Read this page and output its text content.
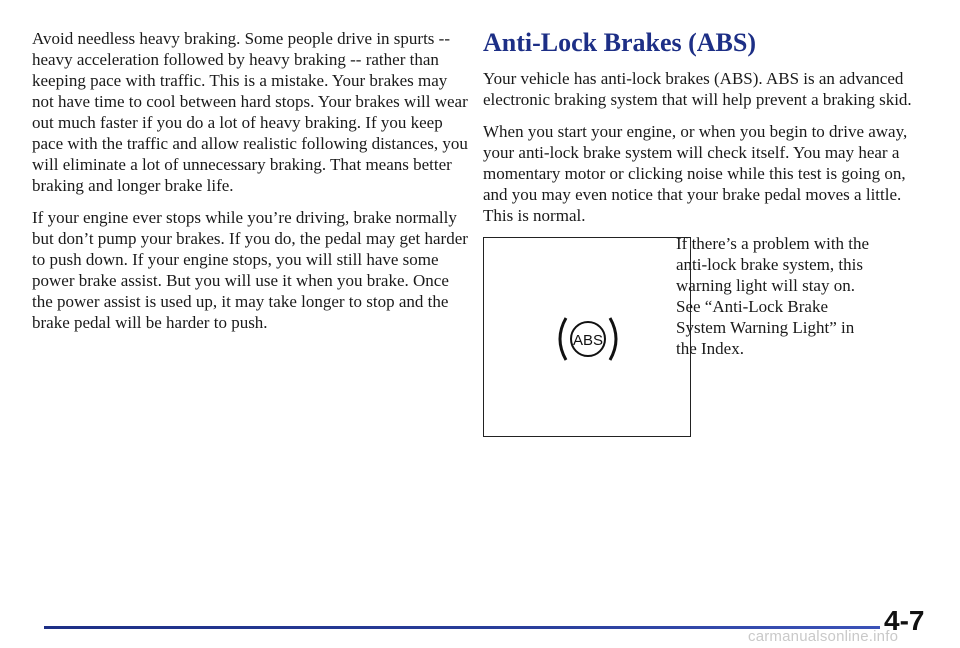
Avoid needless heavy braking. Some people drive in spurts -- heavy acceleration followed by heavy braking -- rather than keeping pace with traffic. This is a mistake. Your brakes may not have time to cool between hard stops. Your brakes will wear out much faster if you do a lot of heavy braking. If you keep pace with the traffic and allow realistic following distances, you will eliminate a lot of unnecessary braking. That means better braking and longer brake life.

If your engine ever stops while you’re driving, brake normally but don’t pump your brakes. If you do, the pedal may get harder to push down. If your engine stops, you will still have some power brake assist. But you will use it when you brake. Once the power assist is used up, it may take longer to stop and the brake pedal will be harder to push.

Anti-Lock Brakes (ABS)

Your vehicle has anti-lock brakes (ABS). ABS is an advanced electronic braking system that will help prevent a braking skid.

When you start your engine, or when you begin to drive away, your anti-lock brake system will check itself. You may hear a momentary motor or clicking noise while this test is going on, and you may even notice that your brake pedal moves a little. This is normal.

ABS

If there’s a problem with the anti-lock brake system, this warning light will stay on. See “Anti-Lock Brake System Warning Light” in the Index.

4-7
carmanualsonline.info
